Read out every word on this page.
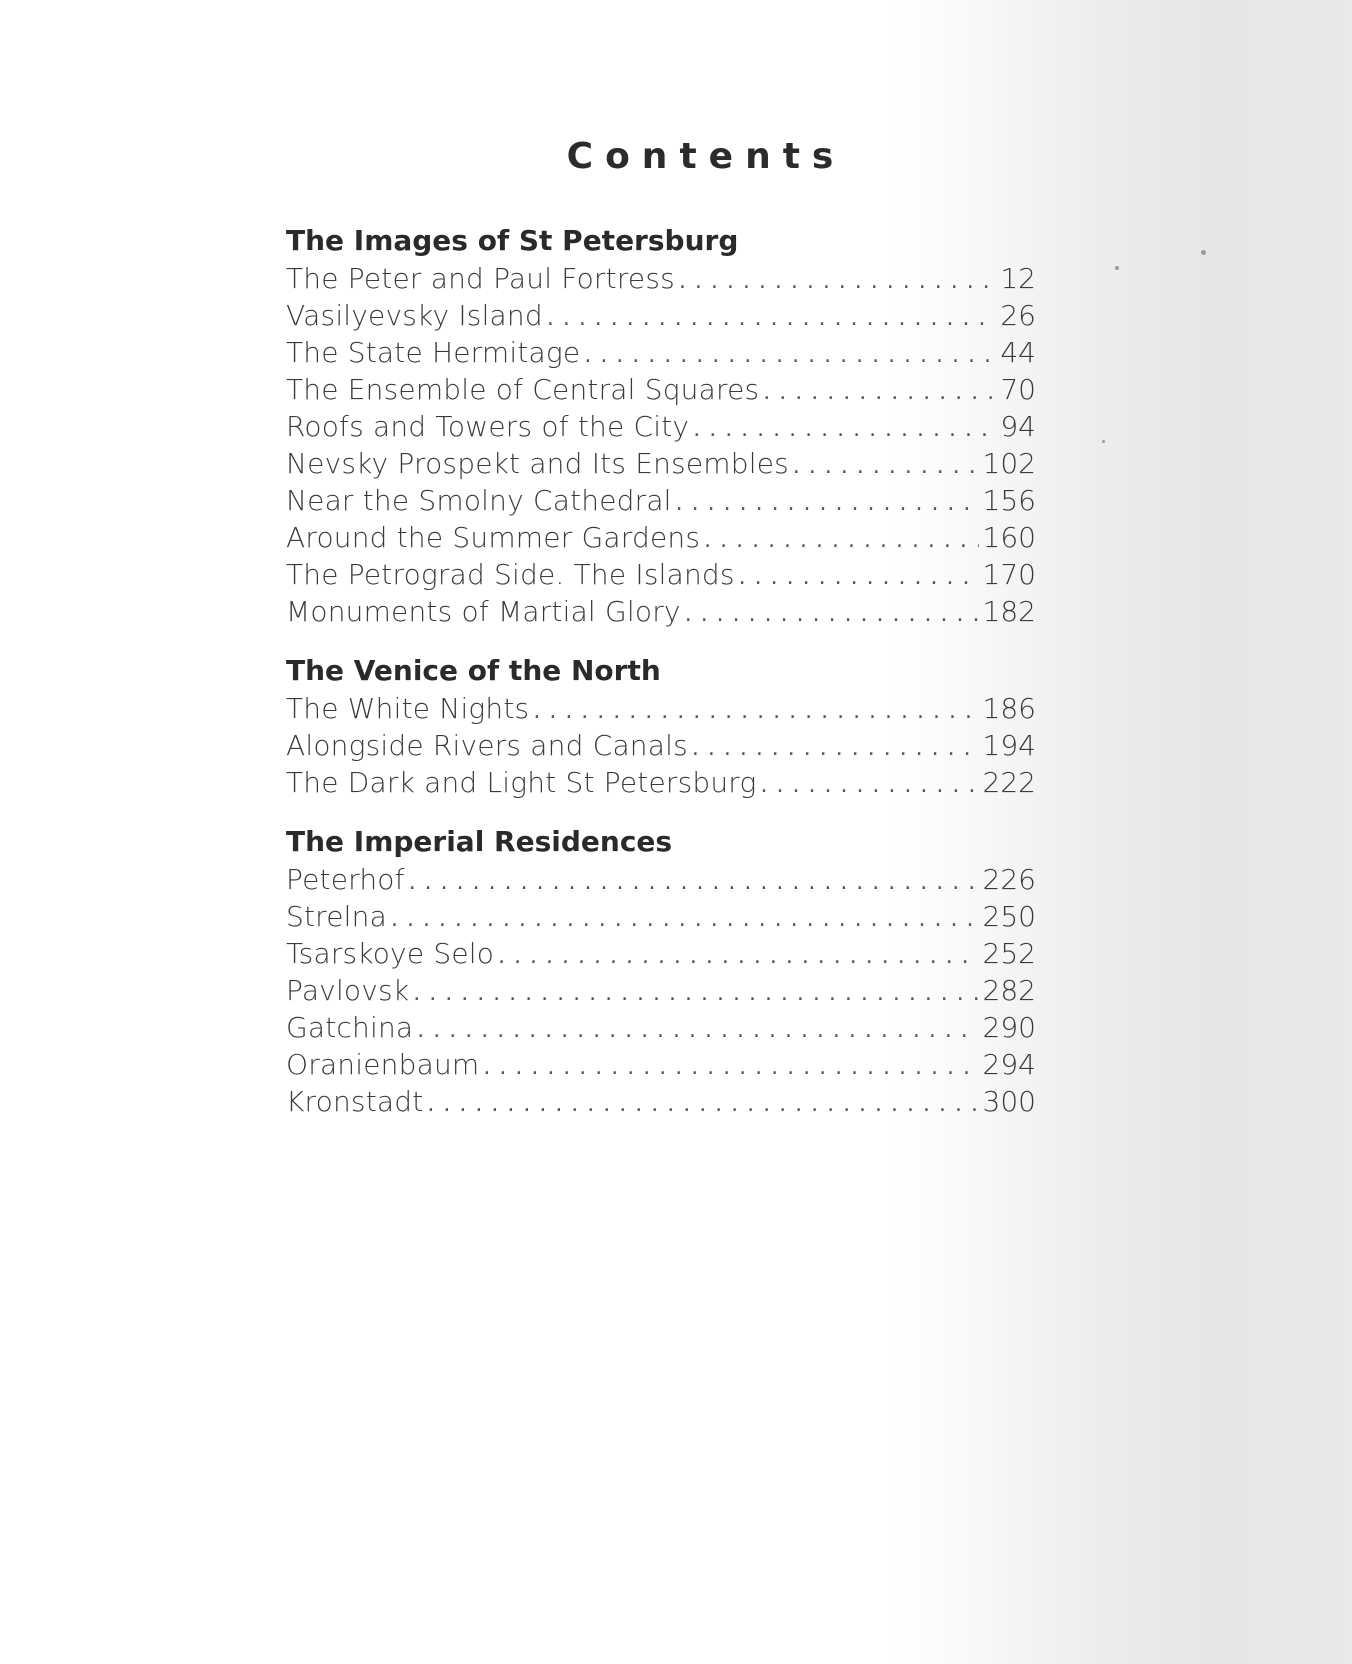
Contents
The Images of St Petersburg
The Peter and Paul Fortress . . .	12
Vasilyevsky Island . . .	26
The State Hermitage . . .	44
The Ensemble of Central Squares . . .	70
Roofs and Towers of the City . . .	94
Nevsky Prospekt and Its Ensembles . . .	102
Near the Smolny Cathedral . . .	156
Around the Summer Gardens . . .	160
The Petrograd Side. The Islands . . .	170
Monuments of Martial Glory . . .	182
The Venice of the North
The White Nights . . .	186
Alongside Rivers and Canals . . .	194
The Dark and Light St Petersburg . . .	222
The Imperial Residences
Peterhof . . .	226
Strelna . . .	250
Tsarskoye Selo . . .	252
Pavlovsk . . .	282
Gatchina . . .	290
Oranienbaum . . .	294
Kronstadt . . .	300
